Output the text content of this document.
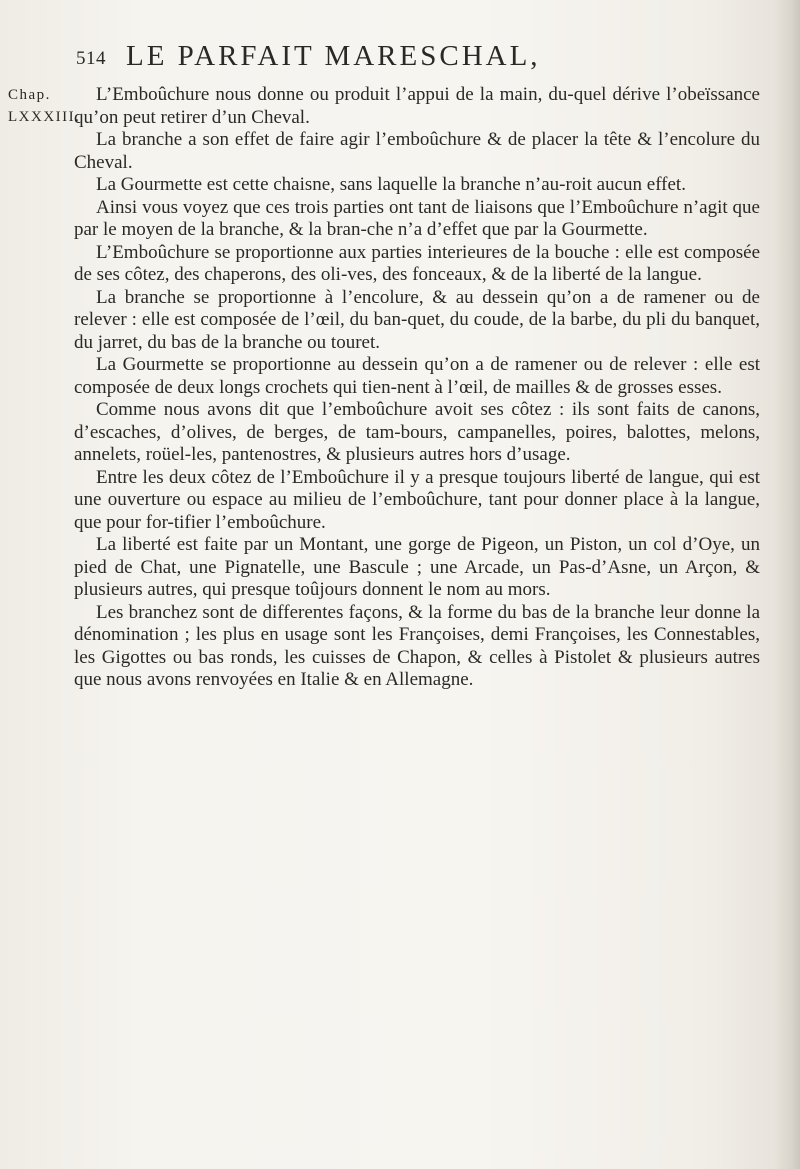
514 LE PARFAIT MARESCHAL,
Chap.
LXXXIII.

L’Emboûchure nous donne ou produit l’appui de la main, du-quel dérive l’obeïssance qu’on peut retirer d’un Cheval.

La branche a son effet de faire agir l’emboûchure & de placer la tête & l’encolure du Cheval.

La Gourmette est cette chaisne, sans laquelle la branche n’au-roit aucun effet.

Ainsi vous voyez que ces trois parties ont tant de liaisons que l’Emboûchure n’agit que par le moyen de la branche, & la bran-che n’a d’effet que par la Gourmette.

L’Emboûchure se proportionne aux parties interieures de la bouche : elle est composée de ses côtez, des chaperons, des oli-ves, des fonceaux, & de la liberté de la langue.

La branche se proportionne à l’encolure, & au dessein qu’on a de ramener ou de relever : elle est composée de l’œil, du ban-quet, du coude, de la barbe, du pli du banquet, du jarret, du bas de la branche ou touret.

La Gourmette se proportionne au dessein qu’on a de ramener ou de relever : elle est composée de deux longs crochets qui tien-nent à l’œil, de mailles & de grosses esses.

Comme nous avons dit que l’emboûchure avoit ses côtez : ils sont faits de canons, d’escaches, d’olives, de berges, de tam-bours, campanelles, poires, balottes, melons, annelets, roüel-les, pantenostres, & plusieurs autres hors d’usage.

Entre les deux côtez de l’Emboûchure il y a presque toujours liberté de langue, qui est une ouverture ou espace au milieu de l’emboûchure, tant pour donner place à la langue, que pour for-tifier l’emboûchure.

La liberté est faite par un Montant, une gorge de Pigeon, un Piston, un col d’Oye, un pied de Chat, une Pignatelle, une Bascule ; une Arcade, un Pas-d’Asne, un Arçon, & plusieurs autres, qui presque toûjours donnent le nom au mors.

Les branchez sont de differentes façons, & la forme du bas de la branche leur donne la dénomination ; les plus en usage sont les Françoises, demi Françoises, les Connestables, les Gigottes ou bas ronds, les cuisses de Chapon, & celles à Pistolet & plusieurs autres que nous avons renvoyées en Italie & en Allemagne.
